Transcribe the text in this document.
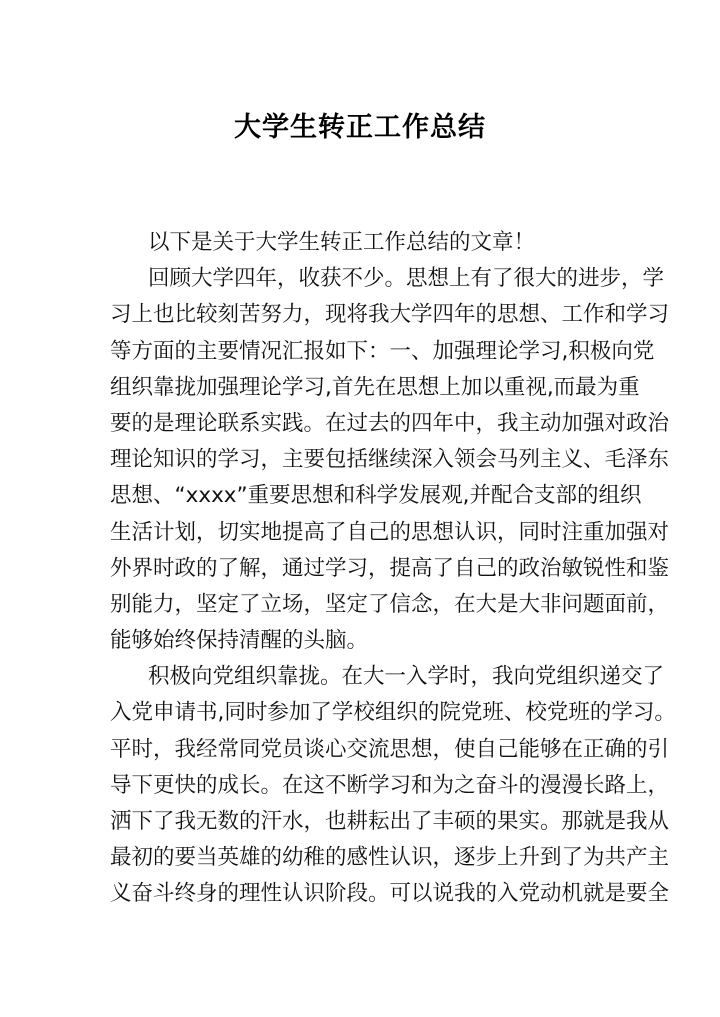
大学生转正工作总结
以下是关于大学生转正工作总结的文章！
回顾大学四年，收获不少。思想上有了很大的进步，学
习上也比较刻苦努力，现将我大学四年的思想、工作和学习
等方面的主要情况汇报如下：一、加强理论学习,积极向党
组织靠拢加强理论学习,首先在思想上加以重视,而最为重
要的是理论联系实践。在过去的四年中，我主动加强对政治
理论知识的学习，主要包括继续深入领会马列主义、毛泽东
思想、“xxxx”重要思想和科学发展观,并配合支部的组织
生活计划，切实地提高了自己的思想认识，同时注重加强对
外界时政的了解，通过学习，提高了自己的政治敏锐性和鉴
别能力，坚定了立场，坚定了信念，在大是大非问题面前，
能够始终保持清醒的头脑。
积极向党组织靠拢。在大一入学时，我向党组织递交了
入党申请书,同时参加了学校组织的院党班、校党班的学习。
平时，我经常同党员谈心交流思想，使自己能够在正确的引
导下更快的成长。在这不断学习和为之奋斗的漫漫长路上，
洒下了我无数的汗水，也耕耘出了丰硕的果实。那就是我从
最初的要当英雄的幼稚的感性认识，逐步上升到了为共产主
义奋斗终身的理性认识阶段。可以说我的入党动机就是要全
